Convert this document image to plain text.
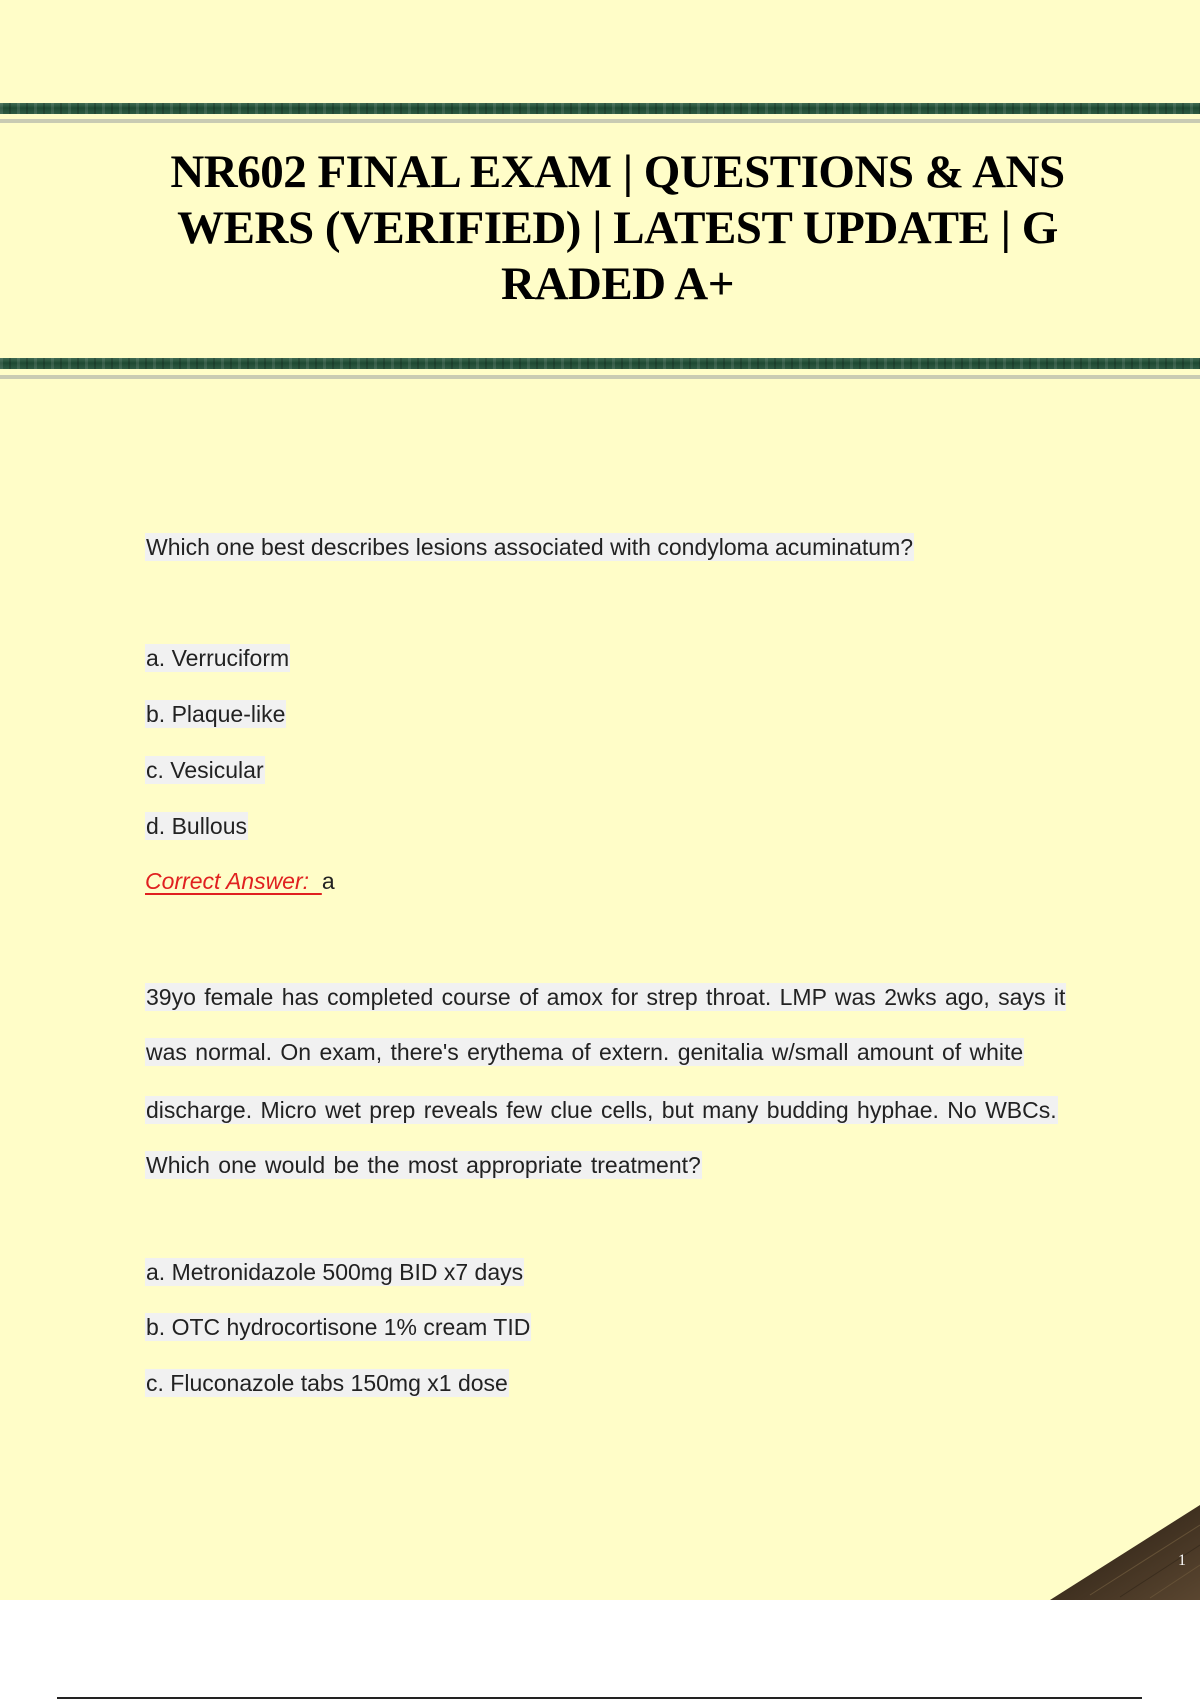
NR602 FINAL EXAM | QUESTIONS & ANS
WERS (VERIFIED) | LATEST UPDATE | G
RADED A+
Which one best describes lesions associated with condyloma acuminatum?
a. Verruciform
b. Plaque-like
c. Vesicular
d. Bullous
Correct Answer:  a
39yo female has completed course of amox for strep throat. LMP was 2wks ago, says it
was normal. On exam, there's erythema of extern. genitalia w/small amount of white
discharge. Micro wet prep reveals few clue cells, but many budding hyphae. No WBCs.
Which one would be the most appropriate treatment?
a. Metronidazole 500mg BID x7 days
b. OTC hydrocortisone 1% cream TID
c. Fluconazole tabs 150mg x1 dose
1
